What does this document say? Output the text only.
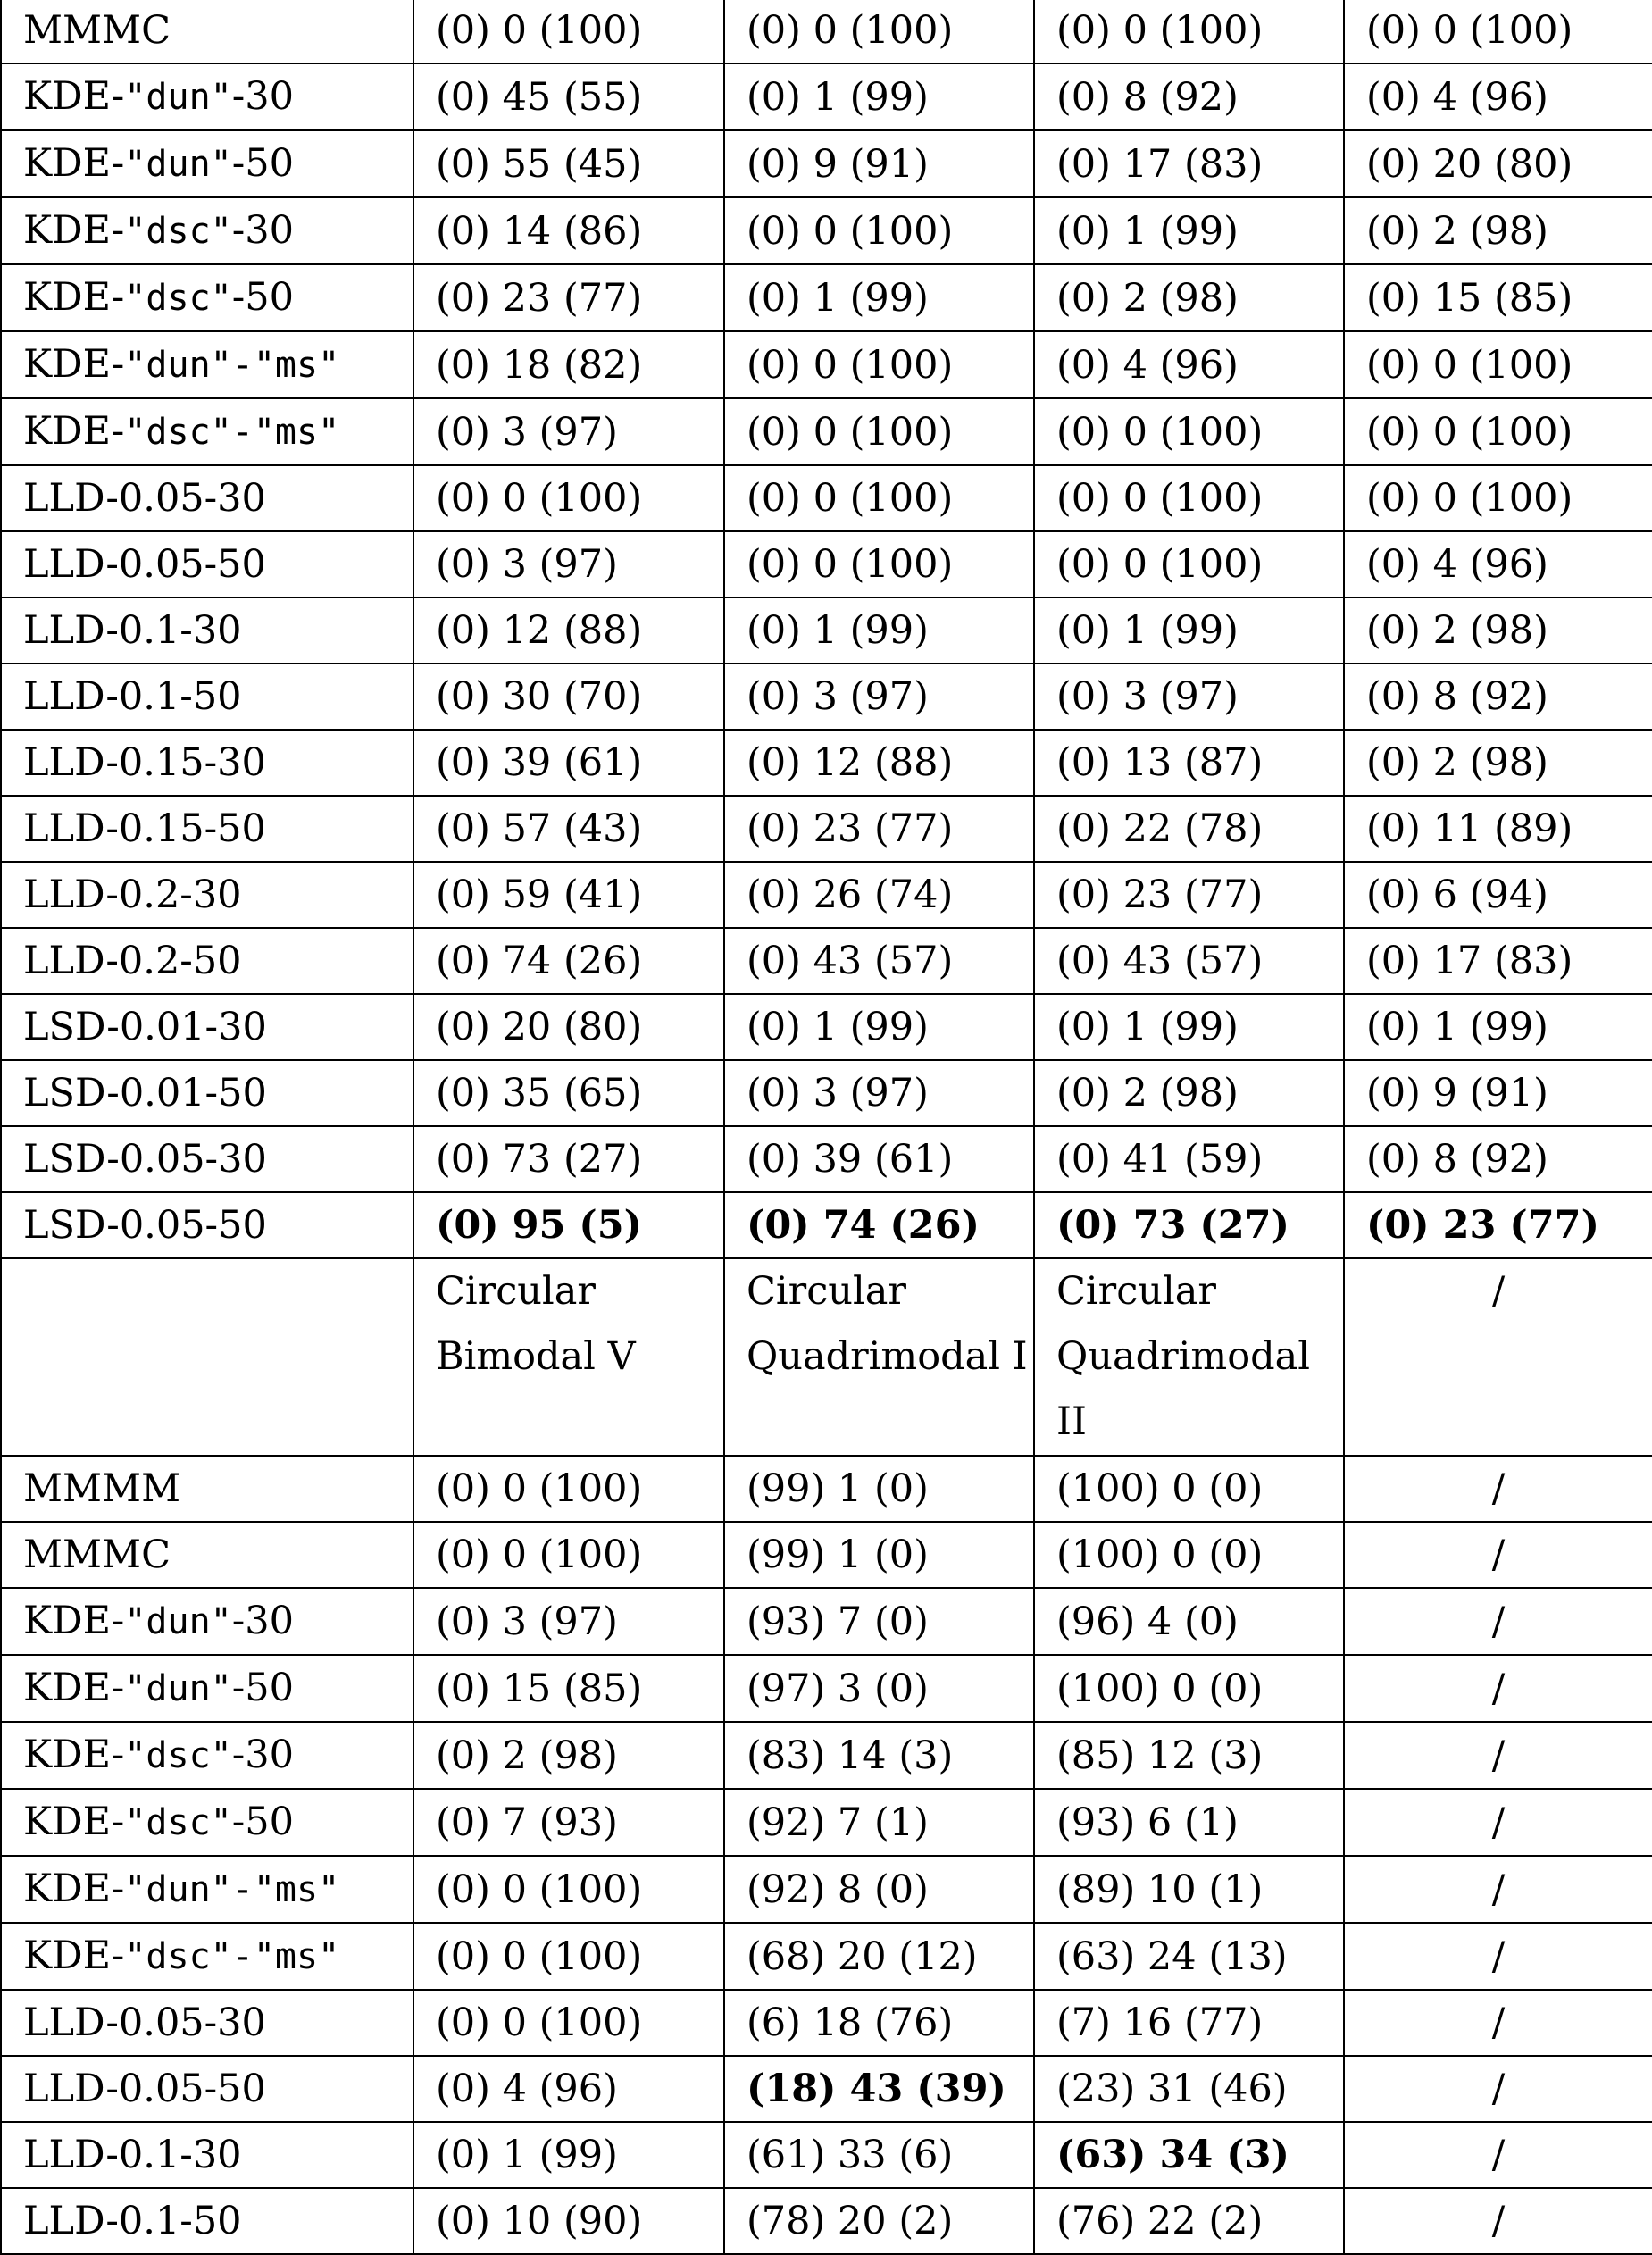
MMMC	(0) 0 (100)	(0) 0 (100)	(0) 0 (100)	(0) 0 (100)
KDE-"dun"-30	(0) 45 (55)	(0) 1 (99)	(0) 8 (92)	(0) 4 (96)
KDE-"dun"-50	(0) 55 (45)	(0) 9 (91)	(0) 17 (83)	(0) 20 (80)
KDE-"dsc"-30	(0) 14 (86)	(0) 0 (100)	(0) 1 (99)	(0) 2 (98)
KDE-"dsc"-50	(0) 23 (77)	(0) 1 (99)	(0) 2 (98)	(0) 15 (85)
KDE-"dun"-"ms"	(0) 18 (82)	(0) 0 (100)	(0) 4 (96)	(0) 0 (100)
KDE-"dsc"-"ms"	(0) 3 (97)	(0) 0 (100)	(0) 0 (100)	(0) 0 (100)
LLD-0.05-30	(0) 0 (100)	(0) 0 (100)	(0) 0 (100)	(0) 0 (100)
LLD-0.05-50	(0) 3 (97)	(0) 0 (100)	(0) 0 (100)	(0) 4 (96)
LLD-0.1-30	(0) 12 (88)	(0) 1 (99)	(0) 1 (99)	(0) 2 (98)
LLD-0.1-50	(0) 30 (70)	(0) 3 (97)	(0) 3 (97)	(0) 8 (92)
LLD-0.15-30	(0) 39 (61)	(0) 12 (88)	(0) 13 (87)	(0) 2 (98)
LLD-0.15-50	(0) 57 (43)	(0) 23 (77)	(0) 22 (78)	(0) 11 (89)
LLD-0.2-30	(0) 59 (41)	(0) 26 (74)	(0) 23 (77)	(0) 6 (94)
LLD-0.2-50	(0) 74 (26)	(0) 43 (57)	(0) 43 (57)	(0) 17 (83)
LSD-0.01-30	(0) 20 (80)	(0) 1 (99)	(0) 1 (99)	(0) 1 (99)
LSD-0.01-50	(0) 35 (65)	(0) 3 (97)	(0) 2 (98)	(0) 9 (91)
LSD-0.05-30	(0) 73 (27)	(0) 39 (61)	(0) 41 (59)	(0) 8 (92)
LSD-0.05-50	(0) 95 (5)	(0) 74 (26)	(0) 73 (27)	(0) 23 (77)
	Circular Bimodal V	Circular Quadrimodal I	Circular Quadrimodal II	/
MMMM	(0) 0 (100)	(99) 1 (0)	(100) 0 (0)	/
MMMC	(0) 0 (100)	(99) 1 (0)	(100) 0 (0)	/
KDE-"dun"-30	(0) 3 (97)	(93) 7 (0)	(96) 4 (0)	/
KDE-"dun"-50	(0) 15 (85)	(97) 3 (0)	(100) 0 (0)	/
KDE-"dsc"-30	(0) 2 (98)	(83) 14 (3)	(85) 12 (3)	/
KDE-"dsc"-50	(0) 7 (93)	(92) 7 (1)	(93) 6 (1)	/
KDE-"dun"-"ms"	(0) 0 (100)	(92) 8 (0)	(89) 10 (1)	/
KDE-"dsc"-"ms"	(0) 0 (100)	(68) 20 (12)	(63) 24 (13)	/
LLD-0.05-30	(0) 0 (100)	(6) 18 (76)	(7) 16 (77)	/
LLD-0.05-50	(0) 4 (96)	(18) 43 (39)	(23) 31 (46)	/
LLD-0.1-30	(0) 1 (99)	(61) 33 (6)	(63) 34 (3)	/
LLD-0.1-50	(0) 10 (90)	(78) 20 (2)	(76) 22 (2)	/
